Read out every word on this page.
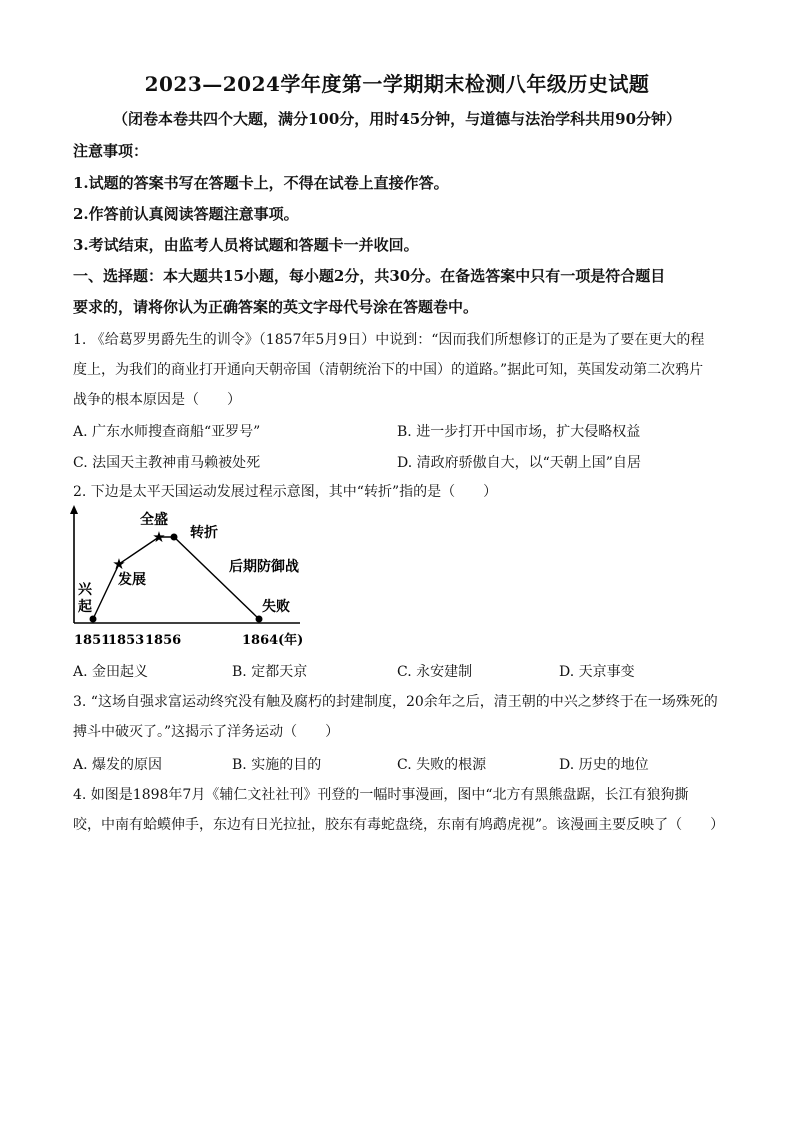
2023—2024学年度第一学期期末检测八年级历史试题
（闭卷本卷共四个大题，满分100分，用时45分钟，与道德与法治学科共用90分钟）
注意事项：
1.试题的答案书写在答题卡上，不得在试卷上直接作答。
2.作答前认真阅读答题注意事项。
3.考试结束，由监考人员将试题和答题卡一并收回。
一、选择题：本大题共15小题，每小题2分，共30分。在备选答案中只有一项是符合题目
要求的，请将你认为正确答案的英文字母代号涂在答题卷中。
1. 《给葛罗男爵先生的训令》（1857年5月9日）中说到：“因而我们所想修订的正是为了要在更大的程
度上，为我们的商业打开通向天朝帝国（清朝统治下的中国）的道路。”据此可知，英国发动第二次鸦片
战争的根本原因是（　　）
A. 广东水师搜查商船“亚罗号”	B. 进一步打开中国市场，扩大侵略权益
C. 法国天主教神甫马赖被处死	D. 清政府骄傲自大，以“天朝上国”自居
2. 下边是太平天国运动发展过程示意图，其中“转折”指的是（　　）
★
★
兴 起
发展
全盛
转折
后期防御战
失败
1851
1853 1856	1864 (年)
A. 金田起义	B. 定都天京	C. 永安建制	D. 天京事变
3. “这场自强求富运动终究没有触及腐朽的封建制度，20余年之后，清王朝的中兴之梦终于在一场殊死的
搏斗中破灭了。”这揭示了洋务运动（　　）
A. 爆发的原因	B. 实施的目的	C. 失败的根源	D. 历史的地位
4. 如图是1898年7月《辅仁文社社刊》刊登的一幅时事漫画，图中“北方有黑熊盘踞，长江有狼狗撕
咬，中南有蛤蟆伸手，东边有日光拉扯，胶东有毒蛇盘绕，东南有鸠鹉虎视”。该漫画主要反映了（　　）
